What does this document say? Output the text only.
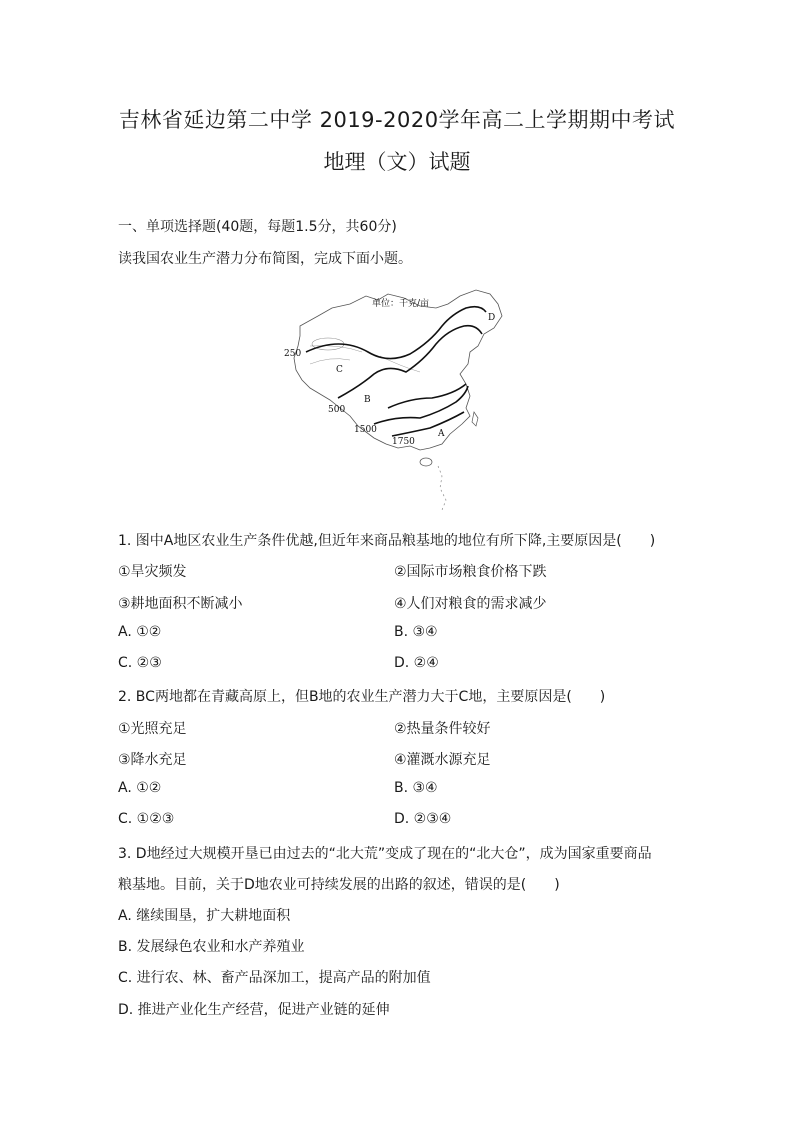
吉林省延边第二中学 2019-2020学年高二上学期期中考试
地理（文）试题
一、单项选择题(40题，每题1.5分，共60分)
读我国农业生产潜力分布简图，完成下面小题。
单位：千克/亩
250
500
1500
1750
A
B
C
D
1. 图中A地区农业生产条件优越,但近年来商品粮基地的地位有所下降,主要原因是(　　)
①旱灾频发	②国际市场粮食价格下跌
③耕地面积不断减小	④人们对粮食的需求减少
A. ①②	B. ③④
C. ②③	D. ②④
2. BC两地都在青藏高原上，但B地的农业生产潜力大于C地，主要原因是(　　)
①光照充足	②热量条件较好
③降水充足	④灌溉水源充足
A. ①②	B. ③④
C. ①②③	D. ②③④
3. D地经过大规模开垦已由过去的“北大荒”变成了现在的“北大仓”，成为国家重要商品
粮基地。目前，关于D地农业可持续发展的出路的叙述，错误的是(　　)
A. 继续围垦，扩大耕地面积
B. 发展绿色农业和水产养殖业
C. 进行农、林、畜产品深加工，提高产品的附加值
D. 推进产业化生产经营，促进产业链的延伸
